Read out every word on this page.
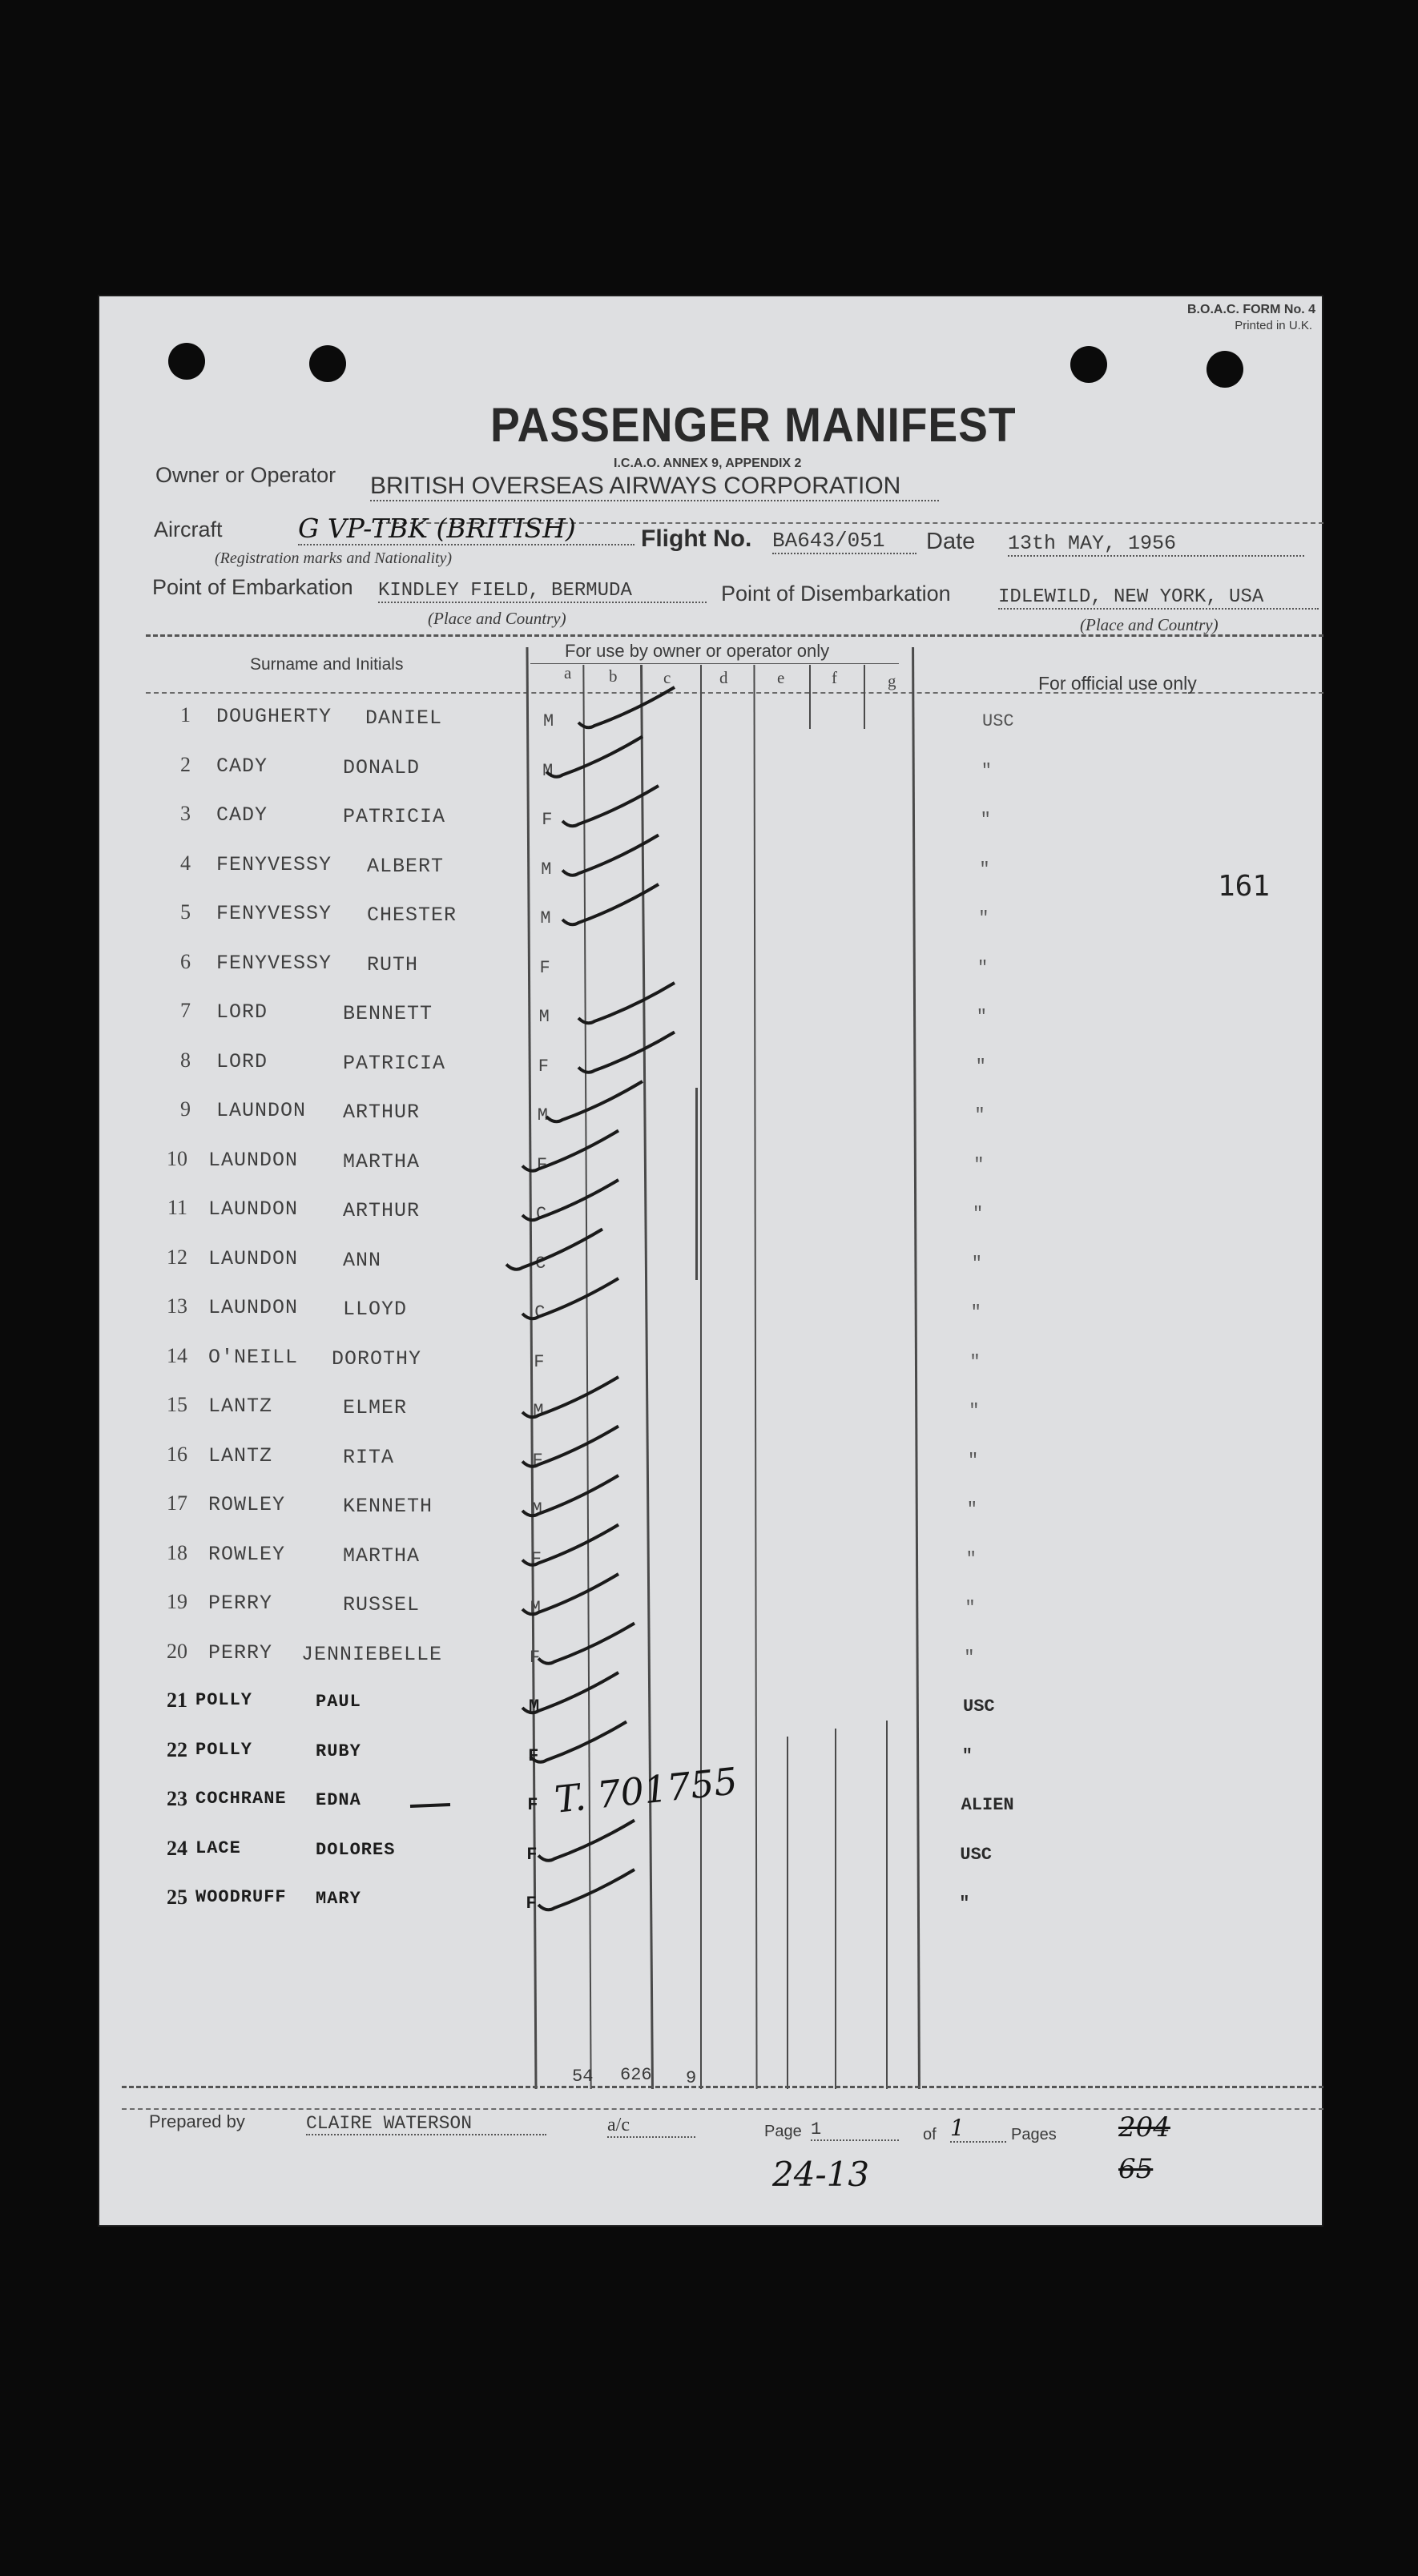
B.O.A.C. FORM No. 4
Printed in U.K.
PASSENGER MANIFEST
I.C.A.O. ANNEX 9, APPENDIX 2
Owner or Operator BRITISH OVERSEAS AIRWAYS CORPORATION
Aircraft	G VP-TBK (BRITISH)
(Registration marks and Nationality)
Flight No. BA643/051	Date 13th MAY, 1956
Point of Embarkation KINDLEY FIELD, BERMUDA
(Place and Country)
Point of Disembarkation IDLEWILD, NEW YORK, USA
(Place and Country)
Surname and Initials
For use by owner or operator only
For official use only
a b	c	d	e	f	g
1 DOUGHERTY DANIEL	M	USC
2 CADY	DONALD	M	"
3 CADY	PATRICIA	F	"
4 FENYVESSY ALBERT	M	"
5 FENYVESSY CHESTER	M	"
6 FENYVESSY RUTH	F	"
7 LORD	BENNETT	M	"
8 LORD	PATRICIA	F	"
9 LAUNDON ARTHUR	M	"
10 LAUNDON MARTHA	F	"
11 LAUNDON ARTHUR	C	"
12 LAUNDON ANN	C	"
13 LAUNDON LLOYD	C	"
14 O'NEILL DOROTHY	F	"
15 LANTZ	ELMER	M	"
16 LANTZ	RITA	F	"
17 ROWLEY	KENNETH	M	"
18 ROWLEY	MARTHA	F	"
19 PERRY	RUSSEL	M	"
20 PERRY JENNIEBELLE	F	"
21 POLLY	PAUL	M	USC
22 POLLY	RUBY	F	"
23 COCHRANE EDNA	F	ALIEN
24 LACE	DOLORES	F	USC
25 WOODRUFF MARY	F	"
161
T. 701755
54 626 9
Prepared by	CLAIRE WATERSON	a/c	Page 1	of 1	Pages 204
65
24-13
